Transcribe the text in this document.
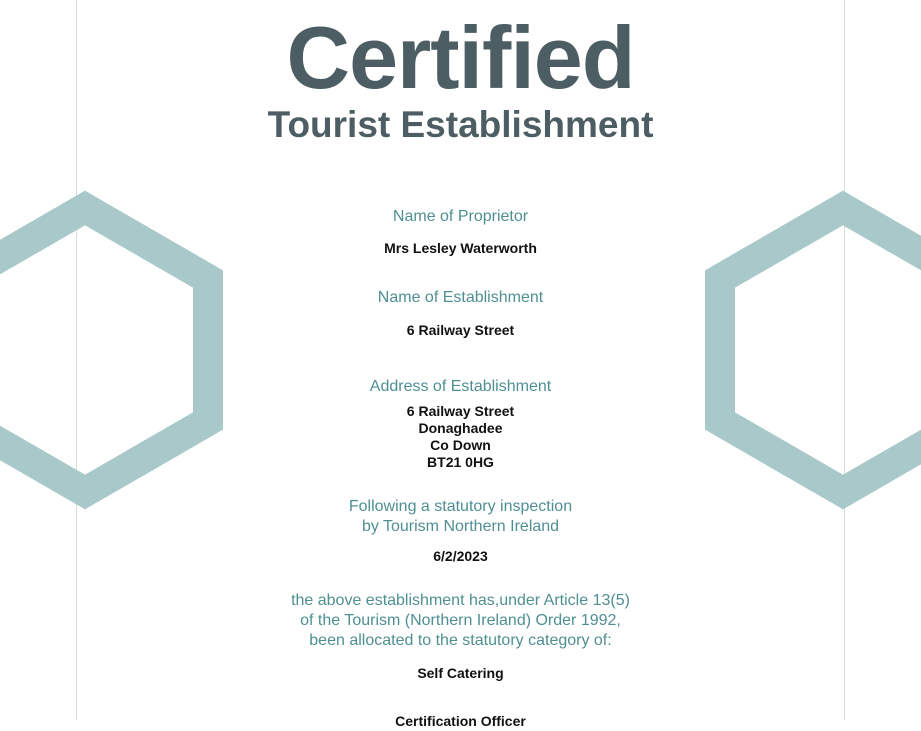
Certified
Tourist Establishment
Name of Proprietor
Mrs Lesley Waterworth
Name of Establishment
6 Railway Street
Address of Establishment
6 Railway Street
Donaghadee
Co Down
BT21 0HG
Following a statutory inspection
by Tourism Northern Ireland
6/2/2023
the above establishment has,under Article 13(5)
of the Tourism (Northern Ireland) Order 1992,
been allocated to the statutory category of:
Self Catering
Certification Officer
